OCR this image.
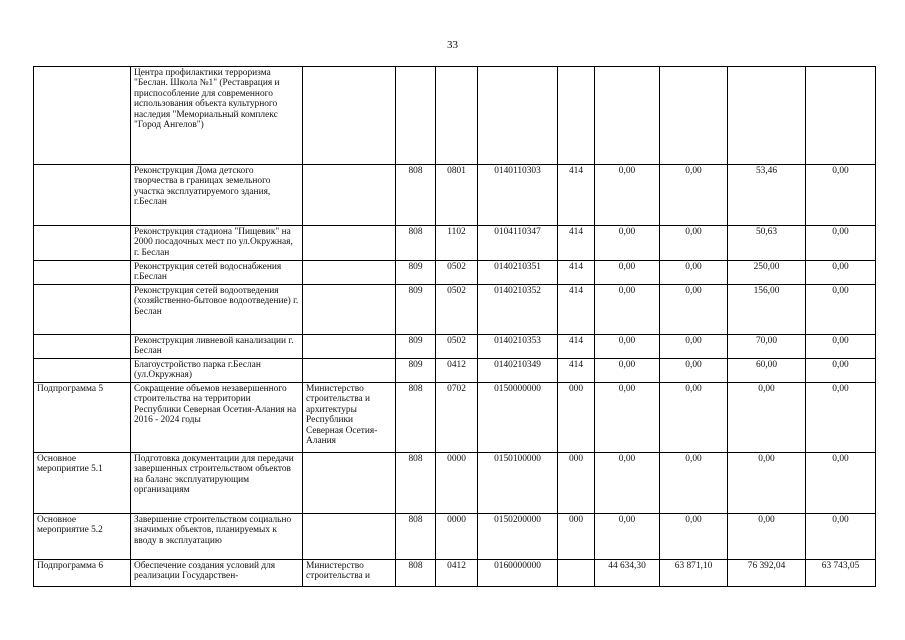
33
	Центра профилактики терроризма "Беслан. Школа №1" (Реставрация и приспособление для современного использования объекта культурного наследия "Мемориальный комплекс "Город Ангелов")									
	Реконструкция Дома детского творчества в границах земельного участка эксплуатируемого здания, г.Беслан		808	0801	0140110303	414	0,00	0,00	53,46	0,00
	Реконструкция стадиона "Пищевик" на 2000 посадочных мест по ул.Окружная, г. Беслан		808	1102	0104110347	414	0,00	0,00	50,63	0,00
	Реконструкция сетей водоснабжения г.Беслан		809	0502	0140210351	414	0,00	0,00	250,00	0,00
	Реконструкция сетей водоотведения (хозяйственно-бытовое водоотведение) г. Беслан		809	0502	0140210352	414	0,00	0,00	156,00	0,00
	Реконструкция ливневой канализации г. Беслан		809	0502	0140210353	414	0,00	0,00	70,00	0,00
	Благоустройство парка г.Беслан (ул.Окружная)		809	0412	0140210349	414	0,00	0,00	60,00	0,00
Подпрограмма 5	Сокращение объемов незавершенного строительства на территории Республики Северная Осетия-Алания на 2016 - 2024 годы	Министерство строительства и архитектуры Республики Северная Осетия-Алания	808	0702	0150000000	000	0,00	0,00	0,00	0,00
Основное мероприятие 5.1	Подготовка документации для передачи завершенных строительством объектов на баланс эксплуатирующим организациям		808	0000	0150100000	000	0,00	0,00	0,00	0,00
Основное мероприятие 5.2	Завершение строительством социально значимых объектов, планируемых к вводу в эксплуатацию		808	0000	0150200000	000	0,00	0,00	0,00	0,00
Подпрограмма 6	Обеспечение создания условий для реализации Государствен-	Министерство строительства и	808	0412	0160000000		44 634,30	63 871,10	76 392,04	63 743,05
